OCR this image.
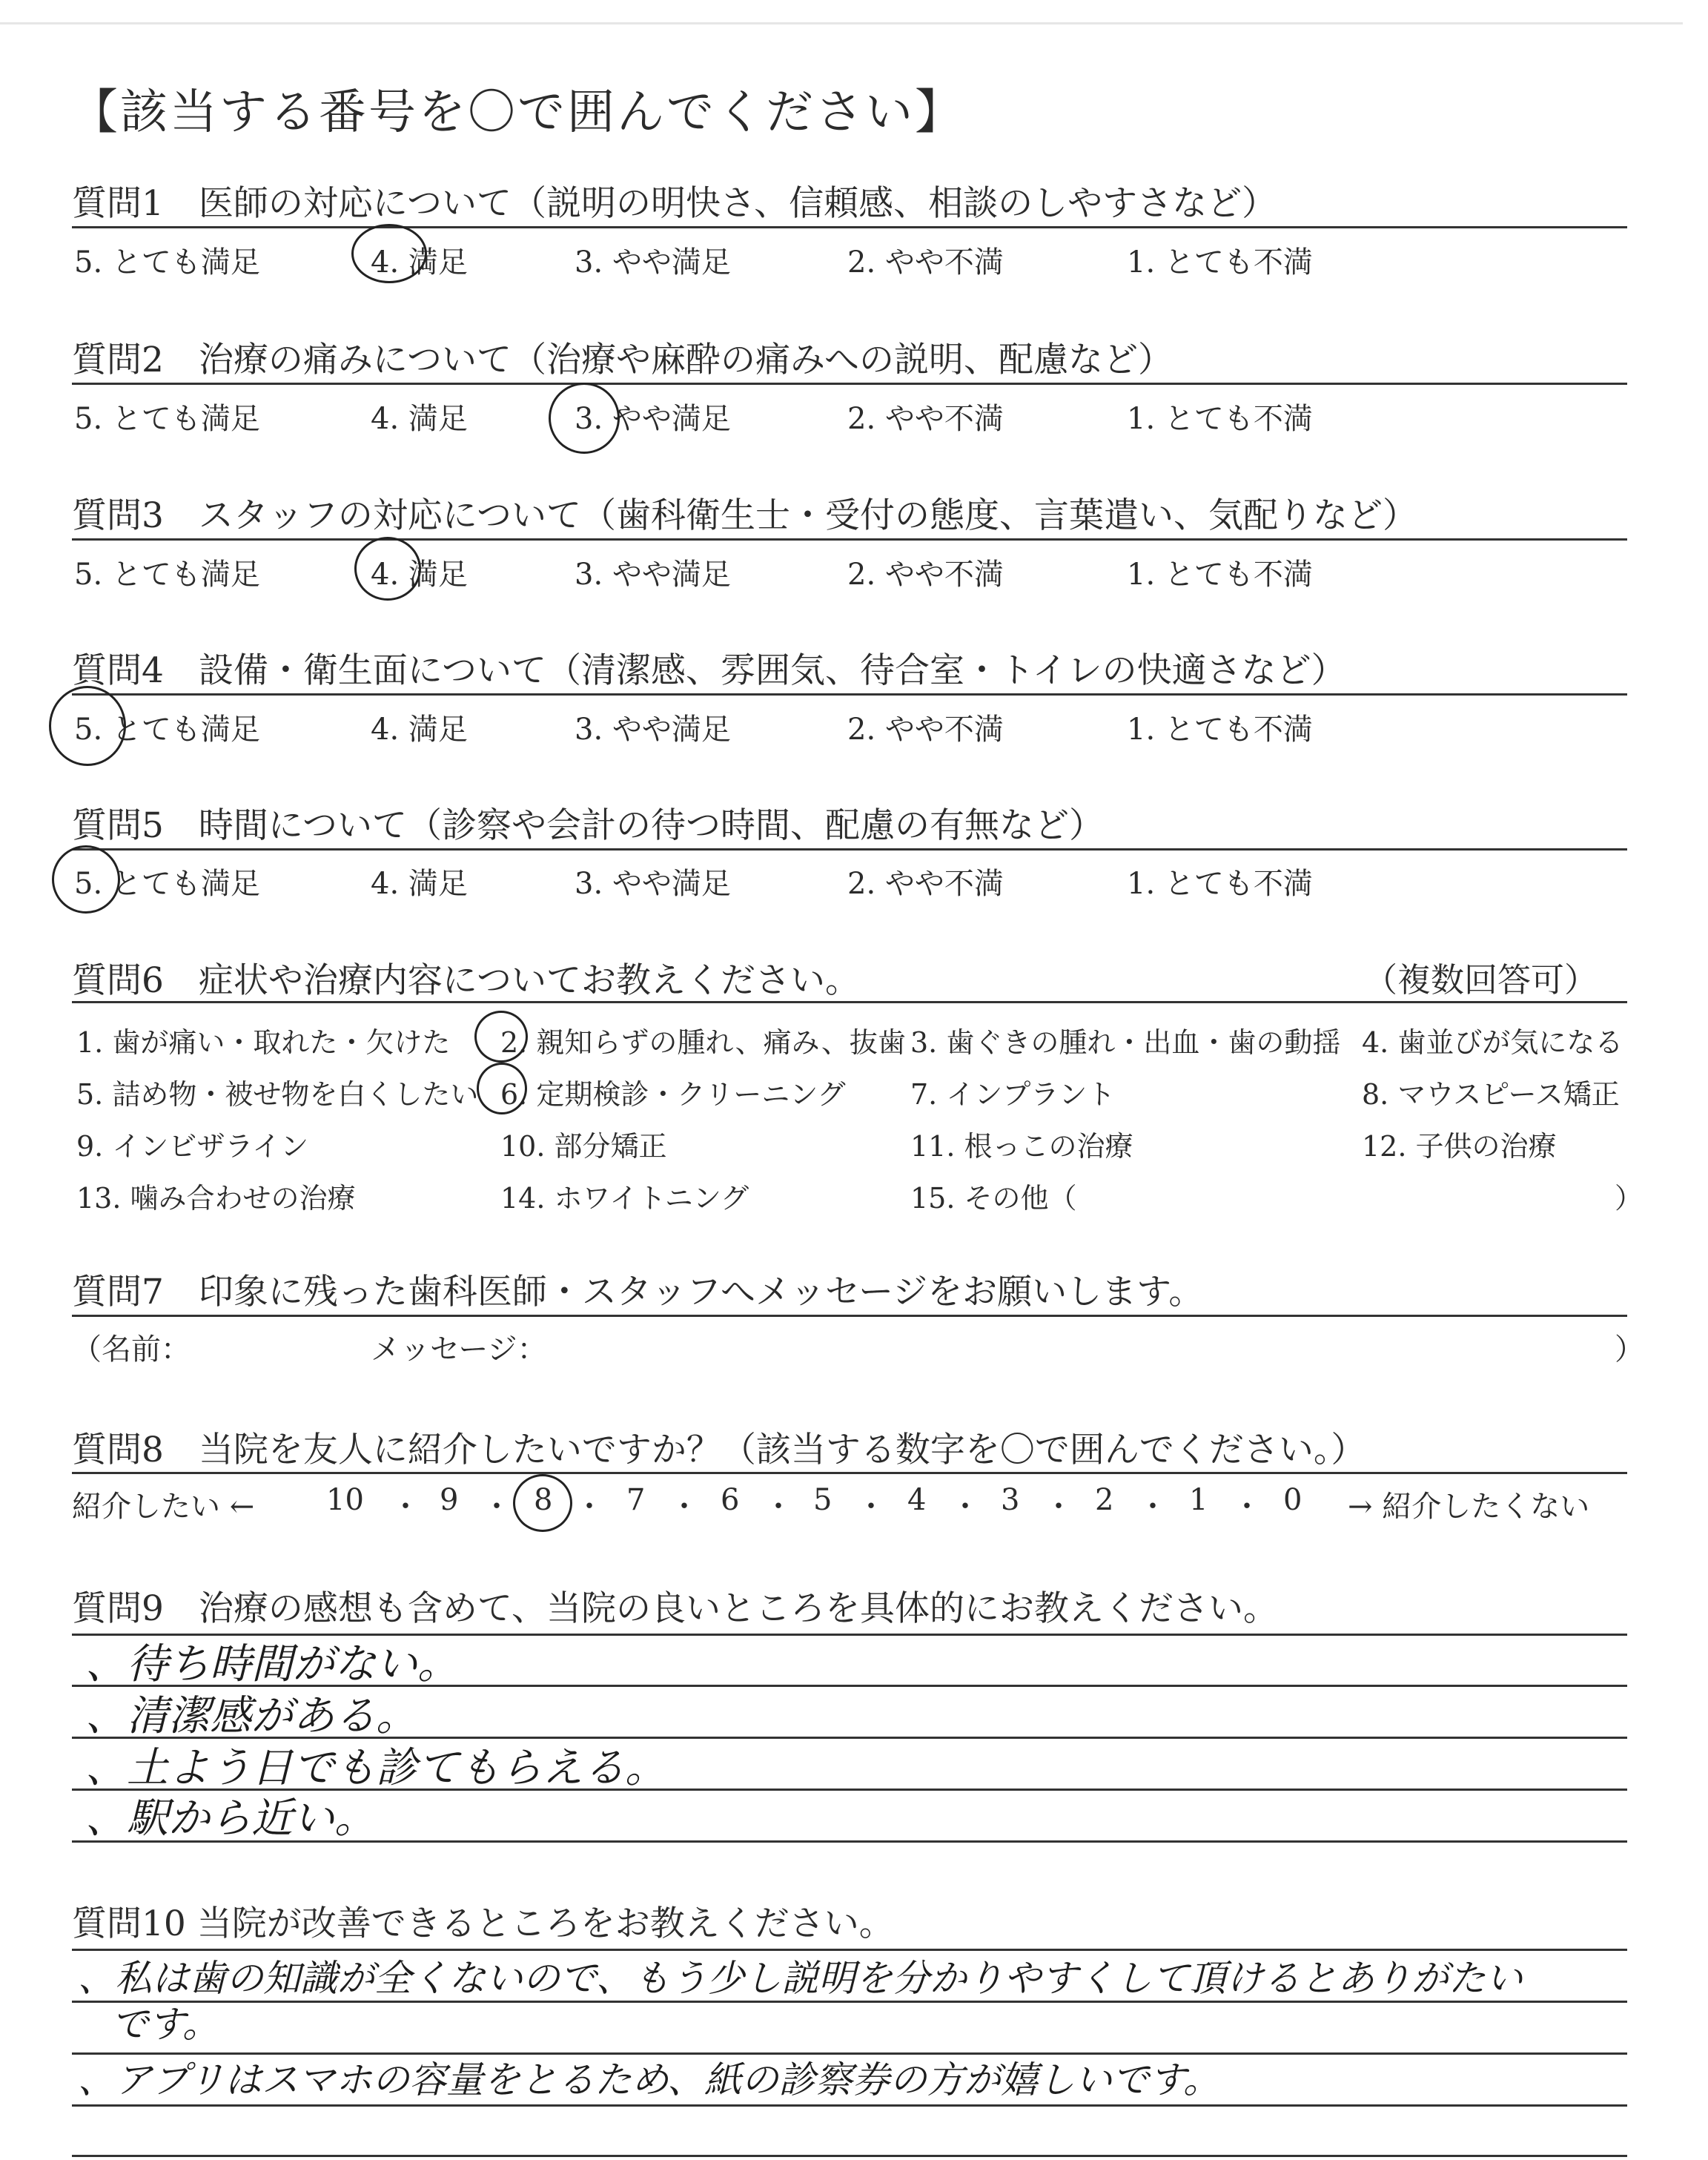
【該当する番号を〇で囲んでください】
質問1　医師の対応について（説明の明快さ、信頼感、相談のしやすさなど）
5. とても満足	4. 満足	3. やや満足	2. やや不満	1. とても不満
質問2　治療の痛みについて（治療や麻酔の痛みへの説明、配慮など）
5. とても満足	4. 満足	3. やや満足	2. やや不満	1. とても不満
質問3　スタッフの対応について（歯科衛生士・受付の態度、言葉遣い、気配りなど）
5. とても満足	4. 満足	3. やや満足	2. やや不満	1. とても不満
質問4　設備・衛生面について（清潔感、雰囲気、待合室・トイレの快適さなど）
5. とても満足	4. 満足	3. やや満足	2. やや不満	1. とても不満
質問5　時間について（診察や会計の待つ時間、配慮の有無など）
5. とても満足	4. 満足	3. やや満足	2. やや不満	1. とても不満
質問6　症状や治療内容についてお教えください。	（複数回答可）
1. 歯が痛い・取れた・欠けた 2. 親知らずの腫れ、痛み、抜歯 3. 歯ぐきの腫れ・出血・歯の動揺 4. 歯並びが気になる
5. 詰め物・被せ物を白くしたい 6. 定期検診・クリーニング 7. インプラント	8. マウスピース矯正
9. インビザライン	10. 部分矯正	11. 根っこの治療	12. 子供の治療
13. 噛み合わせの治療	14. ホワイトニング	15. その他（	）
質問7　印象に残った歯科医師・スタッフへメッセージをお願いします。
（名前：	メッセージ：	）
質問8　当院を友人に紹介したいですか？（該当する数字を〇で囲んでください。）
紹介したい ←	→ 紹介したくない
10 ・ 9 ・ 8 ・ 7 ・ 6 ・ 5 ・ 4 ・ 3 ・ 2 ・ 1 ・ 0
質問9　治療の感想も含めて、当院の良いところを具体的にお教えください。
、待ち時間がない。
、清潔感がある。
、土よう日でも診てもらえる。
、駅から近い。
質問10 当院が改善できるところをお教えください。
、私は歯の知識が全くないので、もう少し説明を分かりやすくして頂けるとありがたい
です。
、アプリはスマホの容量をとるため、紙の診察券の方が嬉しいです。
